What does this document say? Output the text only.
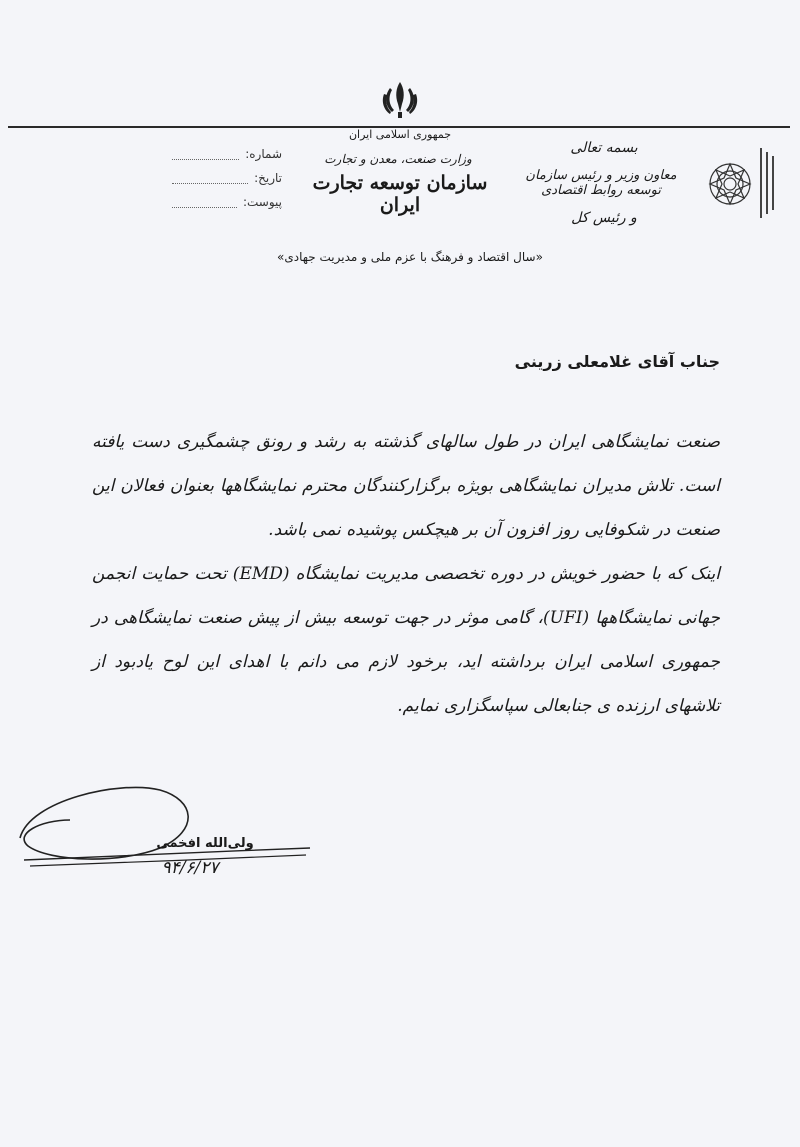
جمهوری اسلامی ایران
وزارت صنعت، معدن و تجارت
سازمان توسعه تجارت ایران
بسمه تعالی
معاون وزیر و رئیس سازمان توسعه روابط اقتصادی
و رئیس کل
شماره:
تاریخ:
پیوست:
«سال اقتصاد و فرهنگ با عزم ملی و مدیریت جهادی»
جناب آقای غلامعلی زرینی

صنعت نمایشگاهی ایران در طول سالهای گذشته به رشد و رونق چشمگیری دست یافته است. تلاش مدیران نمایشگاهی بویژه برگزارکنندگان محترم نمایشگاهها بعنوان فعالان این صنعت در شکوفایی روز افزون آن بر هیچکس پوشیده نمی باشد.

اینک که با حضور خویش در دوره تخصصی مدیریت نمایشگاه (EMD) تحت حمایت انجمن جهانی نمایشگاهها (UFI)، گامی موثر در جهت توسعه بیش از پیش صنعت نمایشگاهی در جمهوری اسلامی ایران برداشته اید، برخود لازم می دانم با اهدای این لوح یادبود از تلاشهای ارزنده ی جنابعالی سپاسگزاری نمایم.

ولی‌الله افخمی
۹۴/۶/۲۷
